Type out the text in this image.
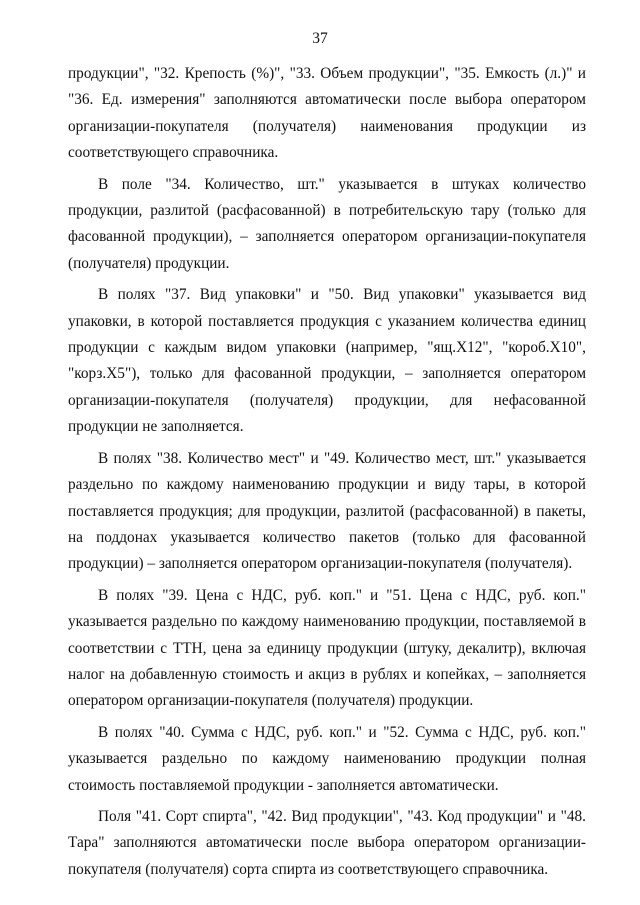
37

продукции", "32. Крепость (%)", "33. Объем продукции", "35. Емкость (л.)" и "36. Ед. измерения" заполняются автоматически после выбора оператором организации-покупателя (получателя) наименования продукции из соответствующего справочника.

В поле "34. Количество, шт." указывается в штуках количество продукции, разлитой (расфасованной) в потребительскую тару (только для фасованной продукции), – заполняется оператором организации-покупателя (получателя) продукции.

В полях "37. Вид упаковки" и "50. Вид упаковки" указывается вид упаковки, в которой поставляется продукция с указанием количества единиц продукции с каждым видом упаковки (например, "ящ.Х12", "короб.Х10", "корз.Х5"), только для фасованной продукции, – заполняется оператором организации-покупателя (получателя) продукции, для нефасованной продукции не заполняется.

В полях "38. Количество мест" и "49. Количество мест, шт." указывается раздельно по каждому наименованию продукции и виду тары, в которой поставляется продукция; для продукции, разлитой (расфасованной) в пакеты, на поддонах указывается количество пакетов (только для фасованной продукции) – заполняется оператором организации-покупателя (получателя).

В полях "39. Цена с НДС, руб. коп." и "51. Цена с НДС, руб. коп." указывается раздельно по каждому наименованию продукции, поставляемой в соответствии с ТТН, цена за единицу продукции (штуку, декалитр), включая налог на добавленную стоимость и акциз в рублях и копейках, – заполняется оператором организации-покупателя (получателя) продукции.

В полях "40. Сумма с НДС, руб. коп." и "52. Сумма с НДС, руб. коп." указывается раздельно по каждому наименованию продукции полная стоимость поставляемой продукции - заполняется автоматически.

Поля "41. Сорт спирта", "42. Вид продукции", "43. Код продукции" и "48. Тара" заполняются автоматически после выбора оператором организации-покупателя (получателя) сорта спирта из соответствующего справочника.
